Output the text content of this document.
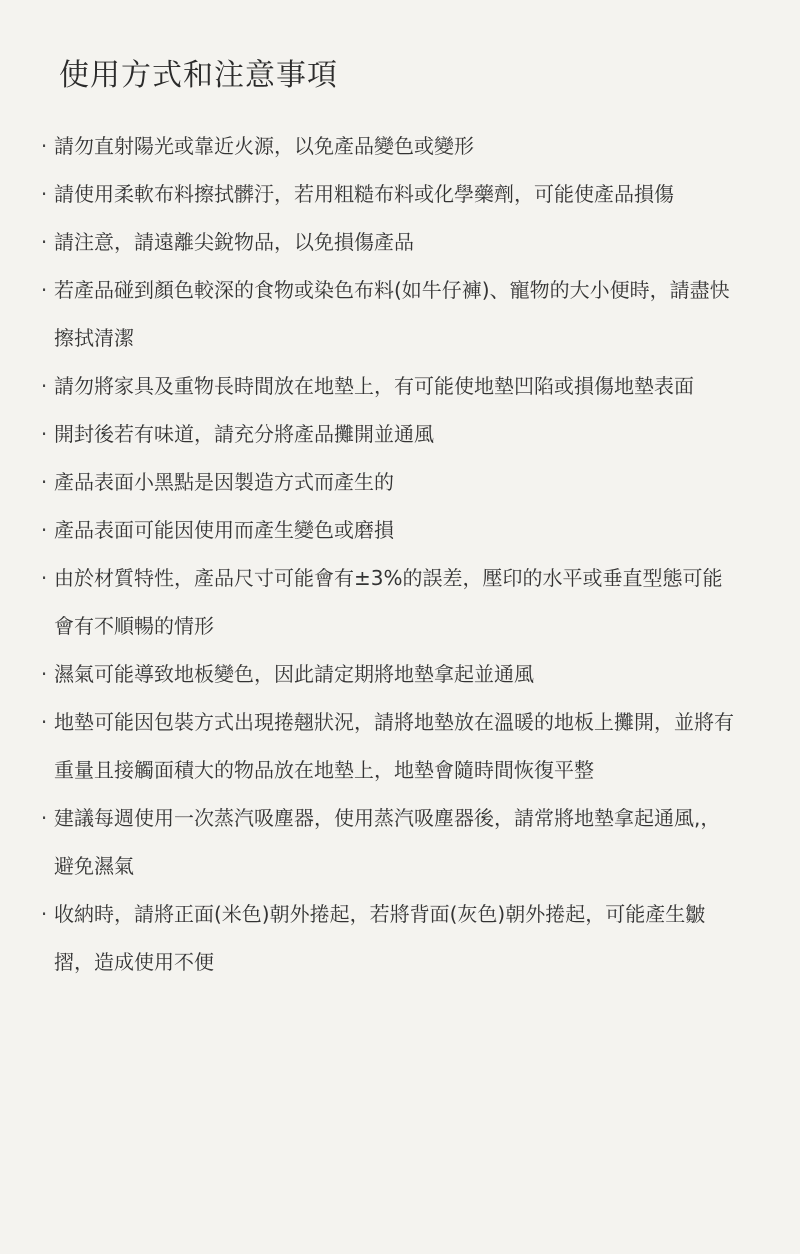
使用方式和注意事項
· 請勿直射陽光或靠近火源，以免產品變色或變形
· 請使用柔軟布料擦拭髒汙，若用粗糙布料或化學藥劑，可能使產品損傷
· 請注意，請遠離尖銳物品，以免損傷產品
· 若產品碰到顏色較深的食物或染色布料(如牛仔褲)、寵物的大小便時，請盡快擦拭清潔
· 請勿將家具及重物長時間放在地墊上，有可能使地墊凹陷或損傷地墊表面
· 開封後若有味道，請充分將產品攤開並通風
· 產品表面小黑點是因製造方式而產生的
· 產品表面可能因使用而產生變色或磨損
· 由於材質特性，產品尺寸可能會有±3%的誤差，壓印的水平或垂直型態可能會有不順暢的情形
· 濕氣可能導致地板變色，因此請定期將地墊拿起並通風
· 地墊可能因包裝方式出現捲翹狀況，請將地墊放在溫暖的地板上攤開，並將有重量且接觸面積大的物品放在地墊上，地墊會隨時間恢復平整
· 建議每週使用一次蒸汽吸塵器，使用蒸汽吸塵器後，請常將地墊拿起通風,，避免濕氣
· 收納時，請將正面(米色)朝外捲起，若將背面(灰色)朝外捲起，可能產生皺摺，造成使用不便
